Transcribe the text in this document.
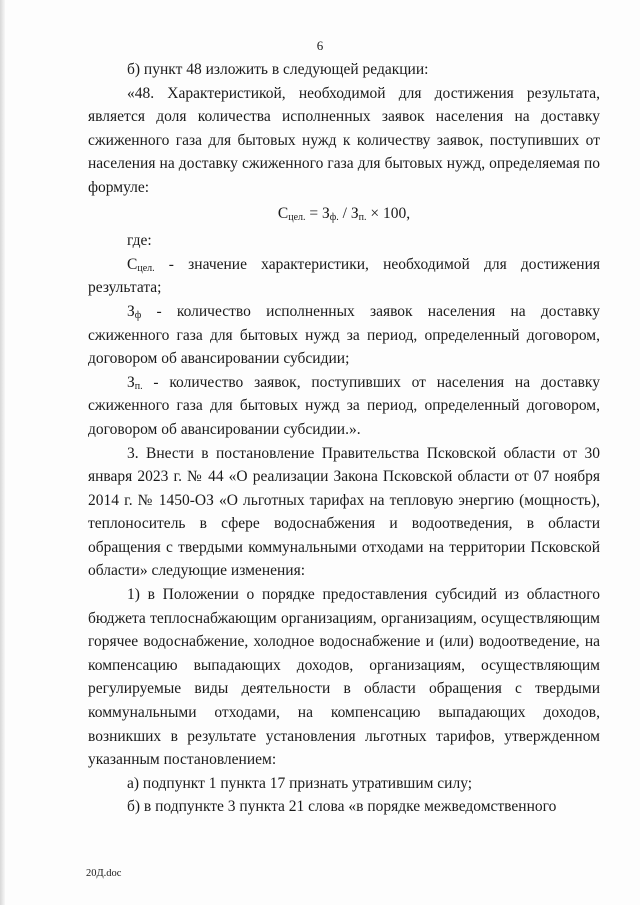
6

б) пункт 48 изложить в следующей редакции:

«48. Характеристикой, необходимой для достижения результата, является доля количества исполненных заявок населения на доставку сжиженного газа для бытовых нужд к количеству заявок, поступивших от населения на доставку сжиженного газа для бытовых нужд, определяемая по формуле:

$С_{цел.} = З_{ф.} / З_{п.} \times 100$,

где:

$С_{цел.}$ - значение характеристики, необходимой для достижения результата;

$З_ф$ - количество исполненных заявок населения на доставку сжиженного газа для бытовых нужд за период, определенный договором, договором об авансировании субсидии;

$З_{п.}$ - количество заявок, поступивших от населения на доставку сжиженного газа для бытовых нужд за период, определенный договором, договором об авансировании субсидии.».

3. Внести в постановление Правительства Псковской области от 30 января 2023 г. № 44 «О реализации Закона Псковской области от 07 ноября 2014 г. № 1450-ОЗ «О льготных тарифах на тепловую энергию (мощность), теплоноситель в сфере водоснабжения и водоотведения, в области обращения с твердыми коммунальными отходами на территории Псковской области» следующие изменения:

1) в Положении о порядке предоставления субсидий из областного бюджета теплоснабжающим организациям, организациям, осуществляющим горячее водоснабжение, холодное водоснабжение и (или) водоотведение, на компенсацию выпадающих доходов, организациям, осуществляющим регулируемые виды деятельности в области обращения с твердыми коммунальными отходами, на компенсацию выпадающих доходов, возникших в результате установления льготных тарифов, утвержденном указанным постановлением:

а) подпункт 1 пункта 17 признать утратившим силу;

б) в подпункте 3 пункта 21 слова «в порядке межведомственного

20Д.doc
